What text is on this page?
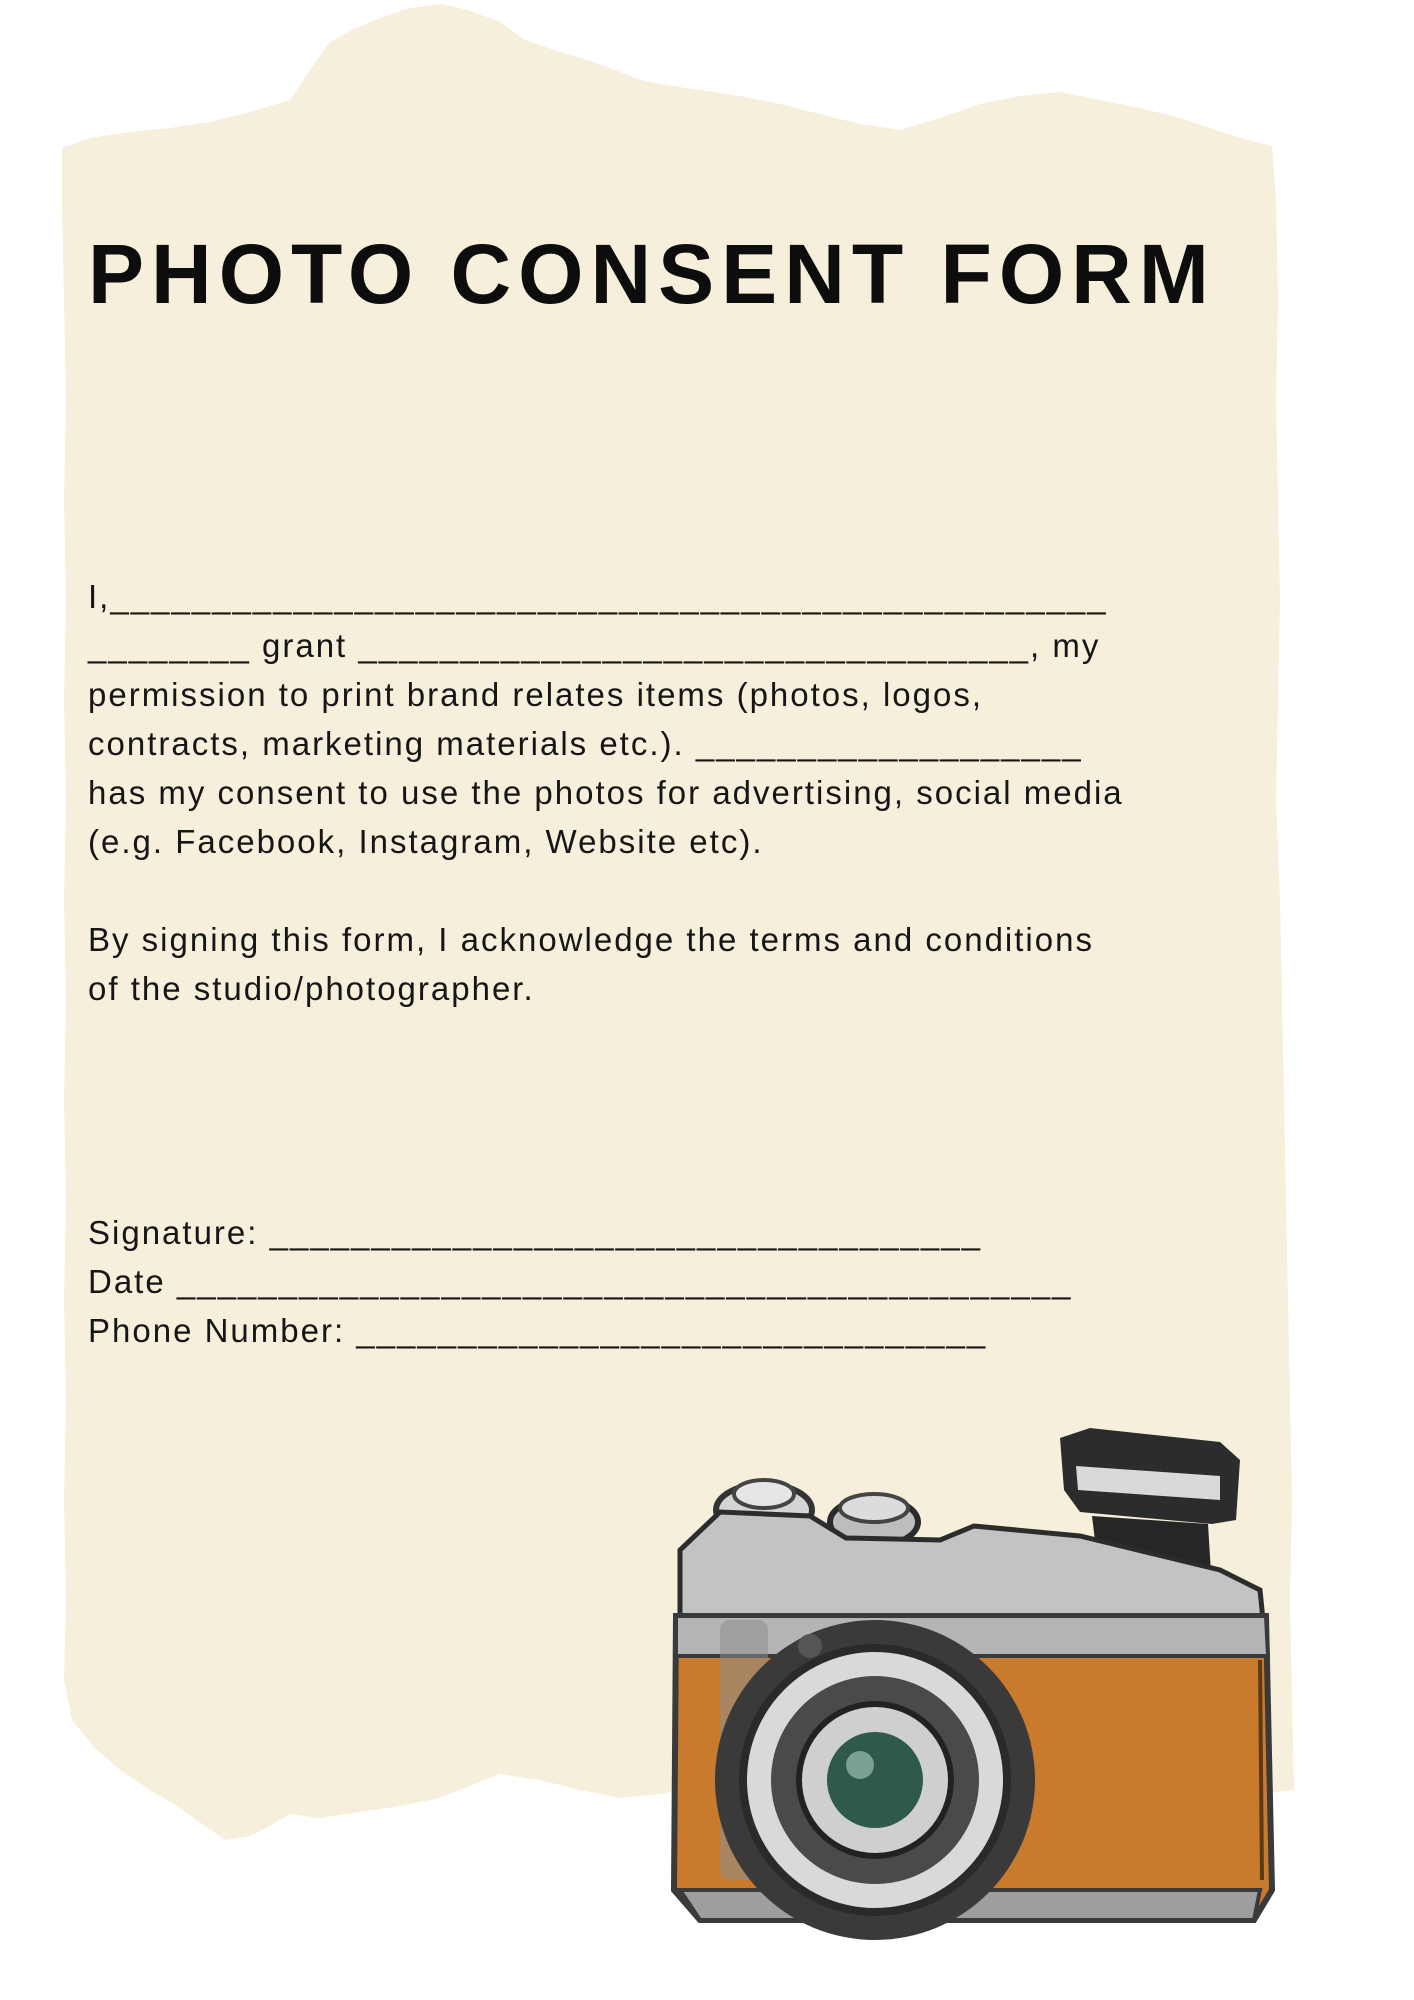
PHOTO CONSENT FORM

I,_________________________________________________
________ grant _________________________________, my
permission to print brand relates items (photos, logos,
contracts, marketing materials etc.). ___________________
has my consent to use the photos for advertising, social media
(e.g. Facebook, Instagram, Website etc).

By signing this form, I acknowledge the terms and conditions
of the studio/photographer.

Signature: ___________________________________
Date ____________________________________________
Phone Number: _______________________________
